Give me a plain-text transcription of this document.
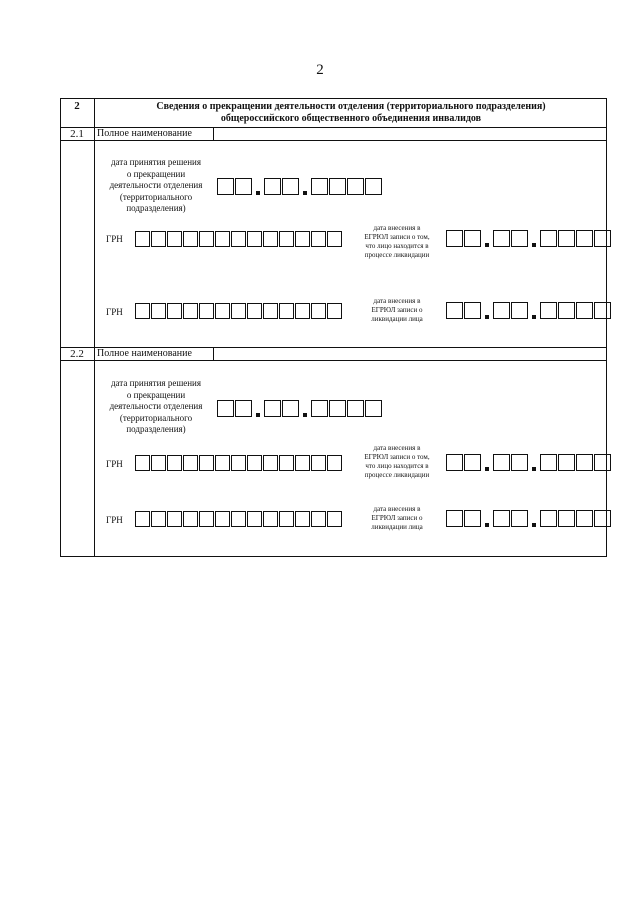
2
2	Сведения о прекращении деятельности отделения (территориального подразделения)
общероссийского общественного объединения инвалидов
2.1	Полное наименование
дата принятия решения
о прекращении
деятельности отделения
(территориального
подразделения)
ГРН
дата внесения в
ЕГРЮЛ записи о том,
что лицо находится в
процессе ликвидации
ГРН
дата внесения в
ЕГРЮЛ записи о
ликвидации лица
2.2	Полное наименование
дата принятия решения
о прекращении
деятельности отделения
(территориального
подразделения)
ГРН
дата внесения в
ЕГРЮЛ записи о том,
что лицо находится в
процессе ликвидации
ГРН
дата внесения в
ЕГРЮЛ записи о
ликвидации лица
